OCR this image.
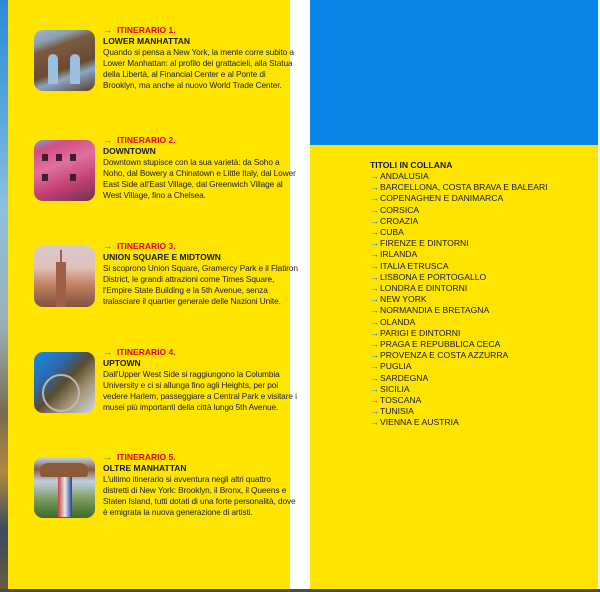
→ ITINERARIO 1.
LOWER MANHATTAN
Quando si pensa a New York, la mente corre subito a Lower Manhattan: al profilo dei grattacieli, alla Statua della Libertà, al Financial Center e al Ponte di Brooklyn, ma anche al nuovo World Trade Center.
→ ITINERARIO 2.
DOWNTOWN
Downtown stupisce con la sua varietà: da Soho a Noho, dal Bowery a Chinatown e Little Italy, dal Lower East Side all'East Village, dal Greenwich Village al West Village, fino a Chelsea.
→ ITINERARIO 3.
UNION SQUARE E MIDTOWN
Si scoprono Union Square, Gramercy Park e il Flatiron District, le grandi attrazioni come Times Square, l'Empire State Building e la 5th Avenue, senza tralasciare il quartier generale delle Nazioni Unite.
→ ITINERARIO 4.
UPTOWN
Dall'Upper West Side si raggiungono la Columbia University e ci si allunga fino agli Heights, per poi vedere Harlem, passeggiare a Central Park e visitare i musei più importanti della città lungo 5th Avenue.
→ ITINERARIO 5.
OLTRE MANHATTAN
L'ultimo itinerario si avventura negli altri quattro distretti di New York: Brooklyn, il Bronx, il Queens e Staten Island, tutti dotati di una forte personalità, dove è emigrata la nuova generazione di artisti.
TITOLI IN COLLANA
→ANDALUSIA
→BARCELLONA, COSTA BRAVA E BALEARI
→COPENAGHEN E DANIMARCA
→CORSICA
→CROAZIA
→CUBA
→FIRENZE E DINTORNI
→IRLANDA
→ITALIA ETRUSCA
→LISBONA E PORTOGALLO
→LONDRA E DINTORNI
→NEW YORK
→NORMANDIA E BRETAGNA
→OLANDA
→PARIGI E DINTORNI
→PRAGA E REPUBBLICA CECA
→PROVENZA E COSTA AZZURRA
→PUGLIA
→SARDEGNA
→SICILIA
→TOSCANA
→TUNISIA
→VIENNA E AUSTRIA
